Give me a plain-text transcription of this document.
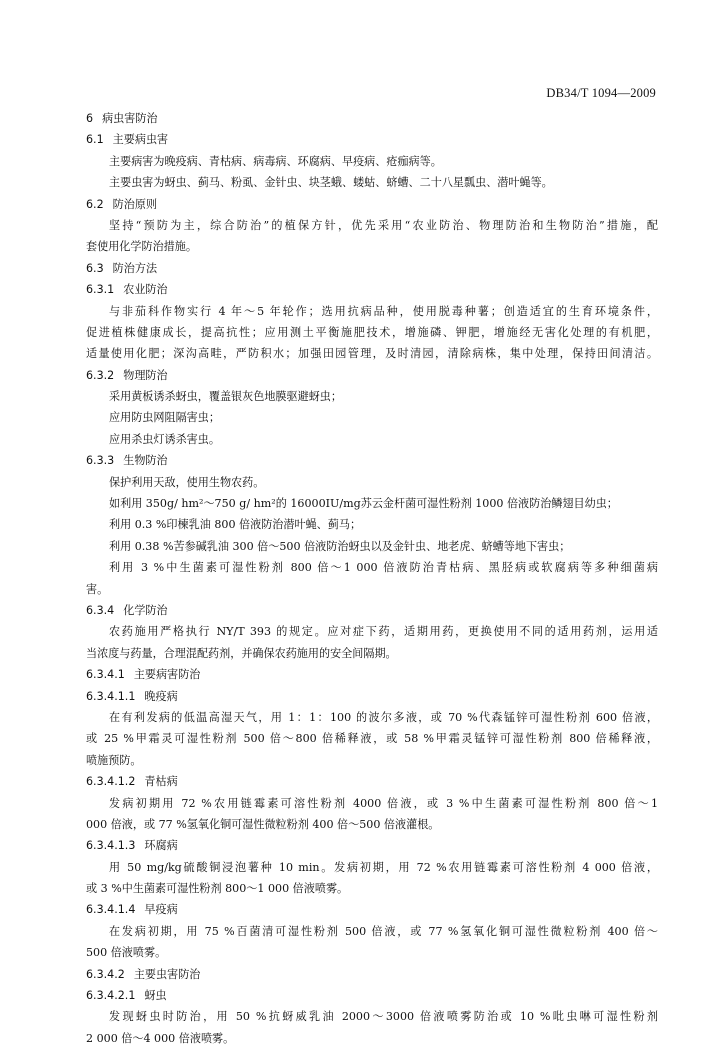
DB34/T 1094—2009
6 病虫害防治
6.1 主要病虫害
主要病害为晚疫病、青枯病、病毒病、环腐病、早疫病、疮痂病等。
主要虫害为蚜虫、蓟马、粉虱、金针虫、块茎蛾、蝼蛄、蛴螬、二十八星瓢虫、潜叶蝇等。
6.2 防治原则
坚持“预防为主，综合防治”的植保方针，优先采用“农业防治、物理防治和生物防治”措施，配
套使用化学防治措施。
6.3 防治方法
6.3.1 农业防治
与非茄科作物实行 4 年～5 年轮作；选用抗病品种，使用脱毒种薯；创造适宜的生育环境条件，
促进植株健康成长，提高抗性；应用测土平衡施肥技术，增施磷、钾肥，增施经无害化处理的有机肥，
适量使用化肥；深沟高畦，严防积水；加强田园管理，及时清园，清除病株，集中处理，保持田间清洁。
6.3.2 物理防治
采用黄板诱杀蚜虫，覆盖银灰色地膜驱避蚜虫；
应用防虫网阻隔害虫；
应用杀虫灯诱杀害虫。
6.3.3 生物防治
保护利用天敌，使用生物农药。
如利用 350g/ hm²～750 g/ hm²的 16000IU/mg苏云金杆菌可湿性粉剂 1000 倍液防治鳞翅目幼虫；
利用 0.3 %印楝乳油 800 倍液防治潜叶蝇、蓟马；
利用 0.38 %苦参碱乳油 300 倍～500 倍液防治蚜虫以及金针虫、地老虎、蛴螬等地下害虫；
利用 3 %中生菌素可湿性粉剂 800 倍～1 000 倍液防治青枯病、黑胫病或软腐病等多种细菌病
害。
6.3.4 化学防治
农药施用严格执行 NY/T 393 的规定。应对症下药，适期用药，更换使用不同的适用药剂，运用适
当浓度与药量，合理混配药剂，并确保农药施用的安全间隔期。
6.3.4.1 主要病害防治
6.3.4.1.1 晚疫病
在有利发病的低温高湿天气，用 1：1：100 的波尔多液，或 70 %代森锰锌可湿性粉剂 600 倍液，
或 25 %甲霜灵可湿性粉剂 500 倍～800 倍稀释液，或 58 %甲霜灵锰锌可湿性粉剂 800 倍稀释液，
喷施预防。
6.3.4.1.2 青枯病
发病初期用 72 %农用链霉素可溶性粉剂 4000 倍液，或 3 %中生菌素可湿性粉剂 800 倍～1
000 倍液，或 77 %氢氧化铜可湿性微粒粉剂 400 倍～500 倍液灌根。
6.3.4.1.3 环腐病
用 50 mg/kg硫酸铜浸泡薯种 10 min。发病初期，用 72 %农用链霉素可溶性粉剂 4 000 倍液，
或 3 %中生菌素可湿性粉剂 800～1 000 倍液喷雾。
6.3.4.1.4 早疫病
在发病初期，用 75 %百菌清可湿性粉剂 500 倍液，或 77 %氢氧化铜可湿性微粒粉剂 400 倍～
500 倍液喷雾。
6.3.4.2 主要虫害防治
6.3.4.2.1 蚜虫
发现蚜虫时防治，用 50 %抗蚜威乳油 2000～3000 倍液喷雾防治或 10 %吡虫啉可湿性粉剂
2 000 倍～4 000 倍液喷雾。
